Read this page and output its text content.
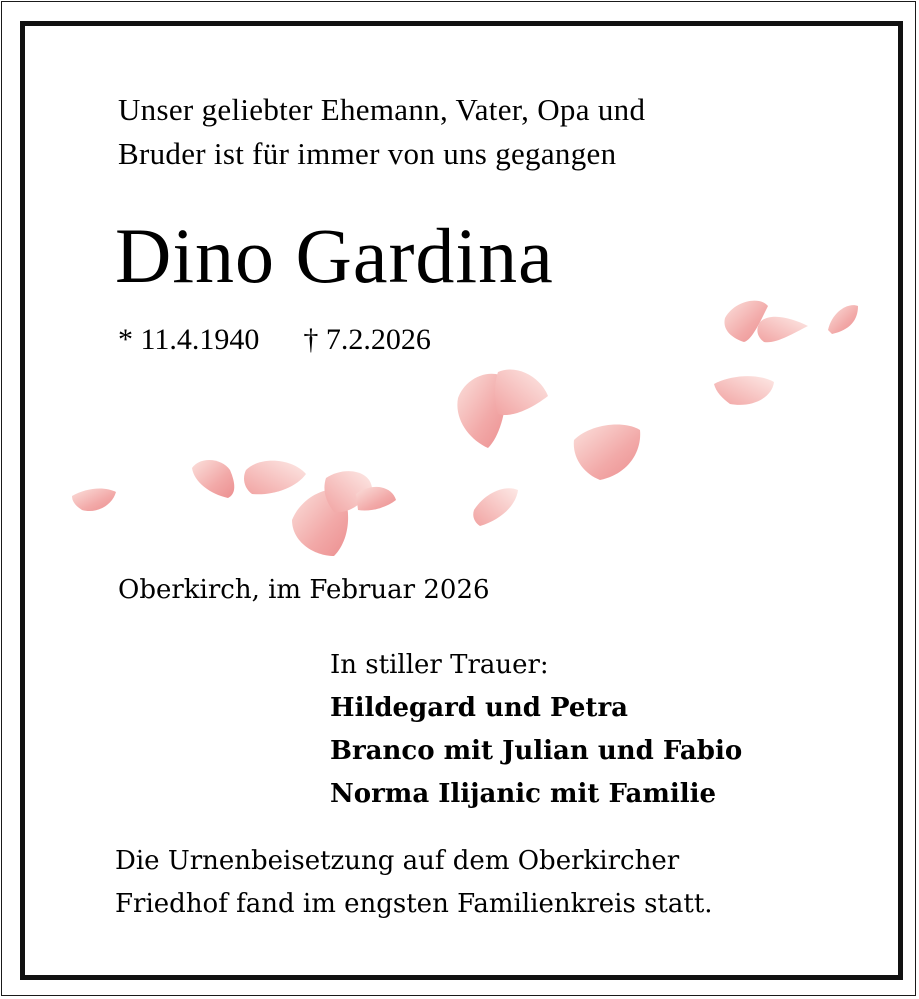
Unser geliebter Ehemann, Vater, Opa und
Bruder ist für immer von uns gegangen
Dino Gardina
* 11.4.1940 † 7.2.2026
Oberkirch, im Februar 2026
In stiller Trauer:
Hildegard und Petra
Branco mit Julian und Fabio
Norma Ilijanic mit Familie
Die Urnenbeisetzung auf dem Oberkircher
Friedhof fand im engsten Familienkreis statt.
